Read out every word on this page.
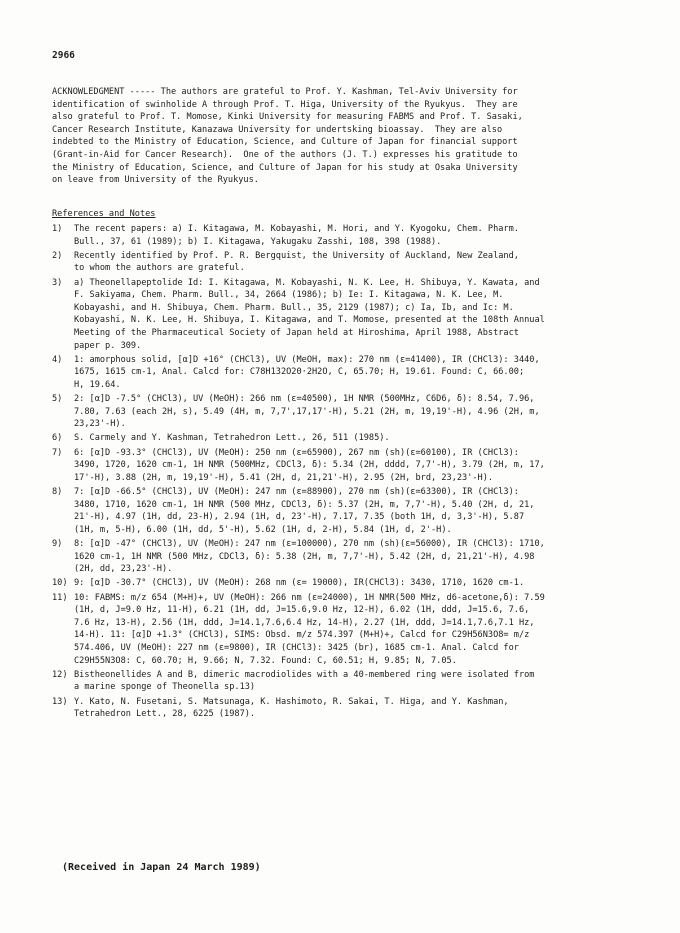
2966

ACKNOWLEDGMENT ----- The authors are grateful to Prof. Y. Kashman, Tel-Aviv University for

identification of swinholide A through Prof. T. Higa, University of the Ryukyus.  They are

also grateful to Prof. T. Momose, Kinki University for measuring FABMS and Prof. T. Sasaki,

Cancer Research Institute, Kanazawa University for undertsking bioassay.  They are also

indebted to the Ministry of Education, Science, and Culture of Japan for financial support

(Grant-in-Aid for Cancer Research).  One of the authors (J. T.) expresses his gratitude to

the Ministry of Education, Science, and Culture of Japan for his study at Osaka University

on leave from University of the Ryukyus.

References and Notes
1)	The recent papers: a) I. Kitagawa, M. Kobayashi, M. Hori, and Y. Kyogoku, Chem. Pharm.
Bull., 37, 61 (1989); b) I. Kitagawa, Yakugaku Zasshi, 108, 398 (1988).
2)	Recently identified by Prof. P. R. Bergquist, the University of Auckland, New Zealand,
to whom the authors are grateful.
3)	a) Theonellapeptolide Id: I. Kitagawa, M. Kobayashi, N. K. Lee, H. Shibuya, Y. Kawata, and
F. Sakiyama, Chem. Pharm. Bull., 34, 2664 (1986); b) Ie: I. Kitagawa, N. K. Lee, M.
Kobayashi, and H. Shibuya, Chem. Pharm. Bull., 35, 2129 (1987); c) Ia, Ib, and Ic: M.
Kobayashi, N. K. Lee, H. Shibuya, I. Kitagawa, and T. Momose, presented at the 108th Annual
Meeting of the Pharmaceutical Society of Japan held at Hiroshima, April 1988, Abstract
paper p. 309.
4)	1: amorphous solid, [α]D +16° (CHCl3), UV (MeOH, max): 270 nm (ε=41400), IR (CHCl3): 3440,
1675, 1615 cm-1, Anal. Calcd for: C78H132O20·2H2O, C, 65.70; H, 19.61. Found: C, 66.00;
H, 19.64.
5)	2: [α]D -7.5° (CHCl3), UV (MeOH): 266 nm (ε=40500), 1H NMR (500MHz, C6D6, δ): 8.54, 7.96,
7.80, 7.63 (each 2H, s), 5.49 (4H, m, 7,7',17,17'-H), 5.21 (2H, m, 19,19'-H), 4.96 (2H, m,
23,23'-H).
6)	S. Carmely and Y. Kashman, Tetrahedron Lett., 26, 511 (1985).
7)	6: [α]D -93.3° (CHCl3), UV (MeOH): 250 nm (ε=65900), 267 nm (sh)(ε=60100), IR (CHCl3):
3490, 1720, 1620 cm-1, 1H NMR (500MHz, CDCl3, δ): 5.34 (2H, dddd, 7,7'-H), 3.79 (2H, m, 17,
17'-H), 3.88 (2H, m, 19,19'-H), 5.41 (2H, d, 21,21'-H), 2.95 (2H, brd, 23,23'-H).
8)	7: [α]D -66.5° (CHCl3), UV (MeOH): 247 nm (ε=88900), 270 nm (sh)(ε=63300), IR (CHCl3):
3480, 1710, 1620 cm-1, 1H NMR (500 MHz, CDCl3, δ): 5.37 (2H, m, 7,7'-H), 5.40 (2H, d, 21,
21'-H), 4.97 (1H, dd, 23-H), 2.94 (1H, d, 23'-H), 7.17, 7.35 (both 1H, d, 3,3'-H), 5.87
(1H, m, 5-H), 6.00 (1H, dd, 5'-H), 5.62 (1H, d, 2-H), 5.84 (1H, d, 2'-H).
9)	8: [α]D -47° (CHCl3), UV (MeOH): 247 nm (ε=100000), 270 nm (sh)(ε=56000), IR (CHCl3): 1710,
1620 cm-1, 1H NMR (500 MHz, CDCl3, δ): 5.38 (2H, m, 7,7'-H), 5.42 (2H, d, 21,21'-H), 4.98
(2H, dd, 23,23'-H).
10) 9: [α]D -30.7° (CHCl3), UV (MeOH): 268 nm (ε= 19000), IR(CHCl3): 3430, 1710, 1620 cm-1.
11) 10: FABMS: m/z 654 (M+H)+, UV (MeOH): 266 nm (ε=24000), 1H NMR(500 MHz, d6-acetone,δ): 7.59
(1H, d, J=9.0 Hz, 11-H), 6.21 (1H, dd, J=15.6,9.0 Hz, 12-H), 6.02 (1H, ddd, J=15.6, 7.6,
7.6 Hz, 13-H), 2.56 (1H, ddd, J=14.1,7.6,6.4 Hz, 14-H), 2.27 (1H, ddd, J=14.1,7.6,7.1 Hz,
14-H). 11: [α]D +1.3° (CHCl3), SIMS: Obsd. m/z 574.397 (M+H)+, Calcd for C29H56N3O8= m/z
574.406, UV (MeOH): 227 nm (ε=9800), IR (CHCl3): 3425 (br), 1685 cm-1. Anal. Calcd for
C29H55N3O8: C, 60.70; H, 9.66; N, 7.32. Found: C, 60.51; H, 9.85; N, 7.05.
12) Bistheonellides A and B, dimeric macrodiolides with a 40-membered ring were isolated from
a marine sponge of Theonella sp.13)
13) Y. Kato, N. Fusetani, S. Matsunaga, K. Hashimoto, R. Sakai, T. Higa, and Y. Kashman,
Tetrahedron Lett., 28, 6225 (1987).
(Received in Japan 24 March 1989)
